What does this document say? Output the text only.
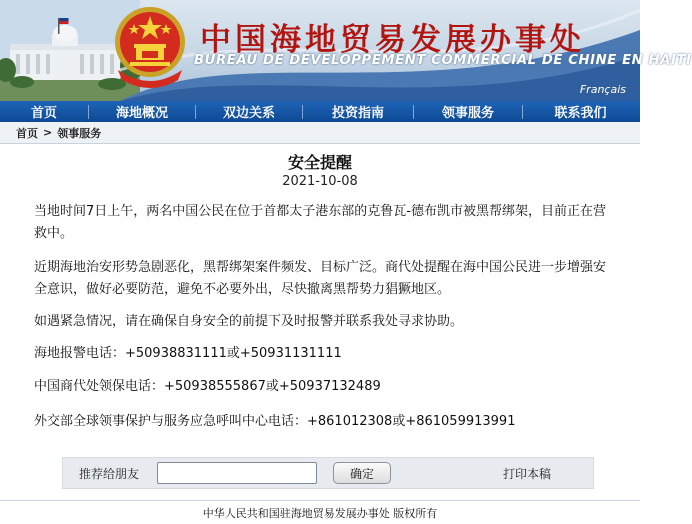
中国海地贸易发展办事处
BUREAU DE DÉVELOPPEMENT COMMERCIAL DE CHINE EN HAITI
Français
首页	海地概况	双边关系	投资指南	领事服务	联系我们
首页 > 领事服务
安全提醒
2021-10-08

当地时间7日上午，两名中国公民在位于首都太子港东部的克鲁瓦-德布凯市被黑帮绑架，目前正在营救中。

近期海地治安形势急剧恶化，黑帮绑架案件频发、目标广泛。商代处提醒在海中国公民进一步增强安全意识，做好必要防范，避免不必要外出，尽快撤离黑帮势力猖獗地区。

如遇紧急情况，请在确保自身安全的前提下及时报警并联系我处寻求协助。

海地报警电话：+50938831111或+50931131111

中国商代处领保电话：+50938555867或+50937132489

外交部全球领事保护与服务应急呼叫中心电话：+861012308或+861059913991

推荐给朋友	确定	打印本稿
中华人民共和国驻海地贸易发展办事处 版权所有
